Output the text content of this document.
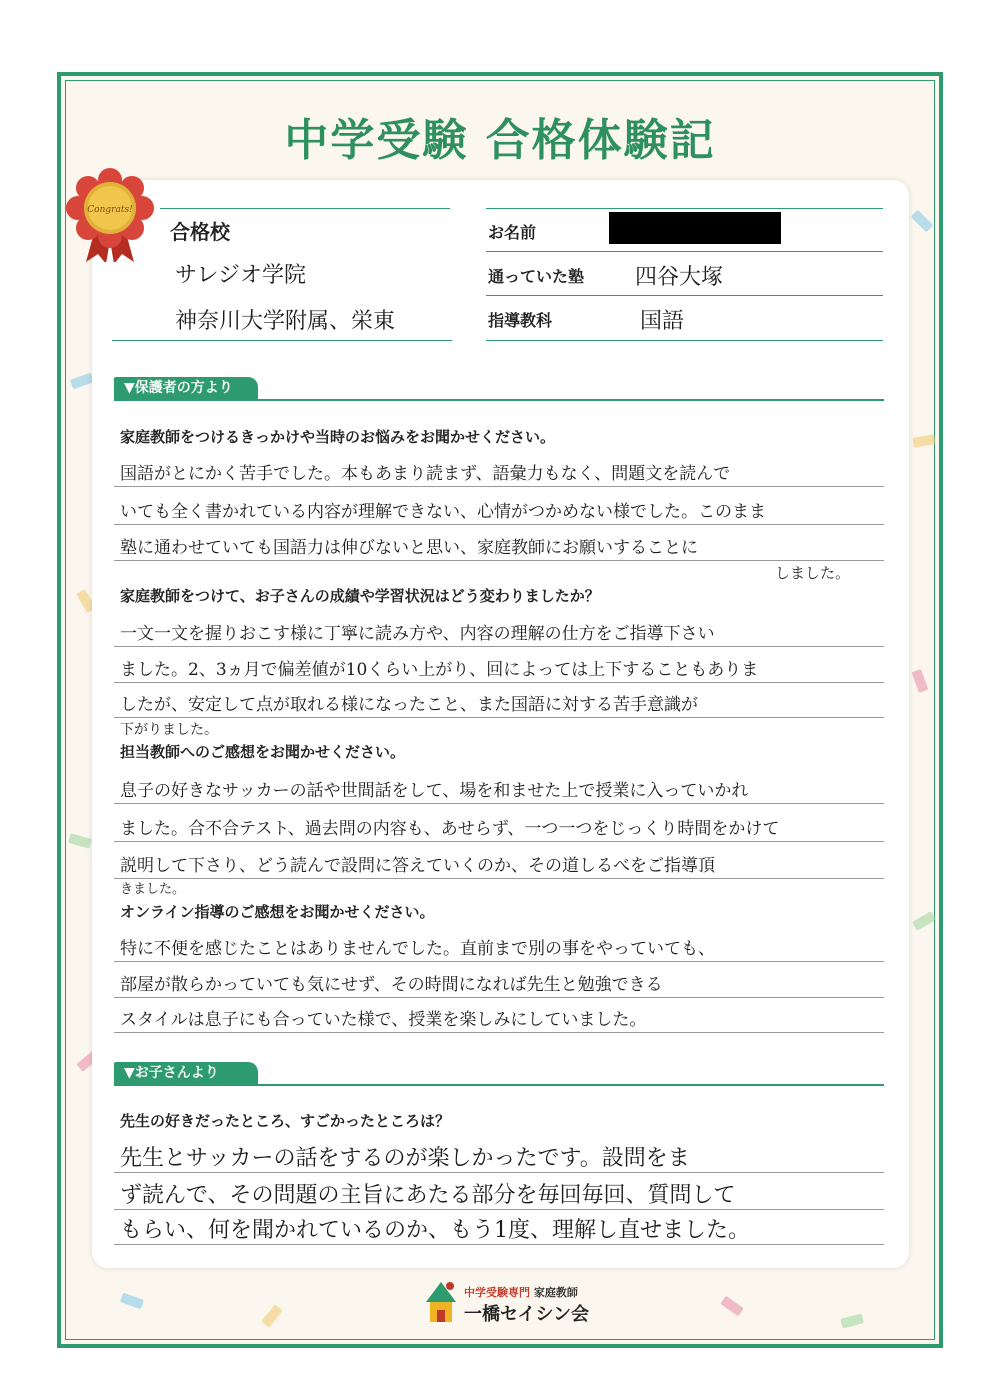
中学受験 合格体験記
Congrats!
合格校
サレジオ学院
神奈川大学附属、栄東
お名前
通っていた塾 四谷大塚
指導教科	国語
▼保護者の方より
家庭教師をつけるきっかけや当時のお悩みをお聞かせください。
国語がとにかく苦手でした。本もあまり読まず、語彙力もなく、問題文を読んで
いても全く書かれている内容が理解できない、心情がつかめない様でした。このまま
塾に通わせていても国語力は伸びないと思い、家庭教師にお願いすることに
しました。
家庭教師をつけて、お子さんの成績や学習状況はどう変わりましたか？
一文一文を握りおこす様に丁寧に読み方や、内容の理解の仕方をご指導下さい
ました。2、3ヵ月で偏差値が10くらい上がり、回によっては上下することもありま
したが、安定して点が取れる様になったこと、また国語に対する苦手意識が
下がりました。
担当教師へのご感想をお聞かせください。
息子の好きなサッカーの話や世間話をして、場を和ませた上で授業に入っていかれ
ました。合不合テスト、過去問の内容も、あせらず、一つ一つをじっくり時間をかけて
説明して下さり、どう読んで設問に答えていくのか、その道しるべをご指導頂
きました。
オンライン指導のご感想をお聞かせください。
特に不便を感じたことはありませんでした。直前まで別の事をやっていても、
部屋が散らかっていても気にせず、その時間になれば先生と勉強できる
スタイルは息子にも合っていた様で、授業を楽しみにしていました。
▼お子さんより
先生の好きだったところ、すごかったところは？
先生とサッカーの話をするのが楽しかったです。設問をま
ず読んで、その問題の主旨にあたる部分を毎回毎回、質問して
もらい、何を聞かれているのか、もう1度、理解し直せました。
中学受験専門 家庭教師
一橋セイシン会
